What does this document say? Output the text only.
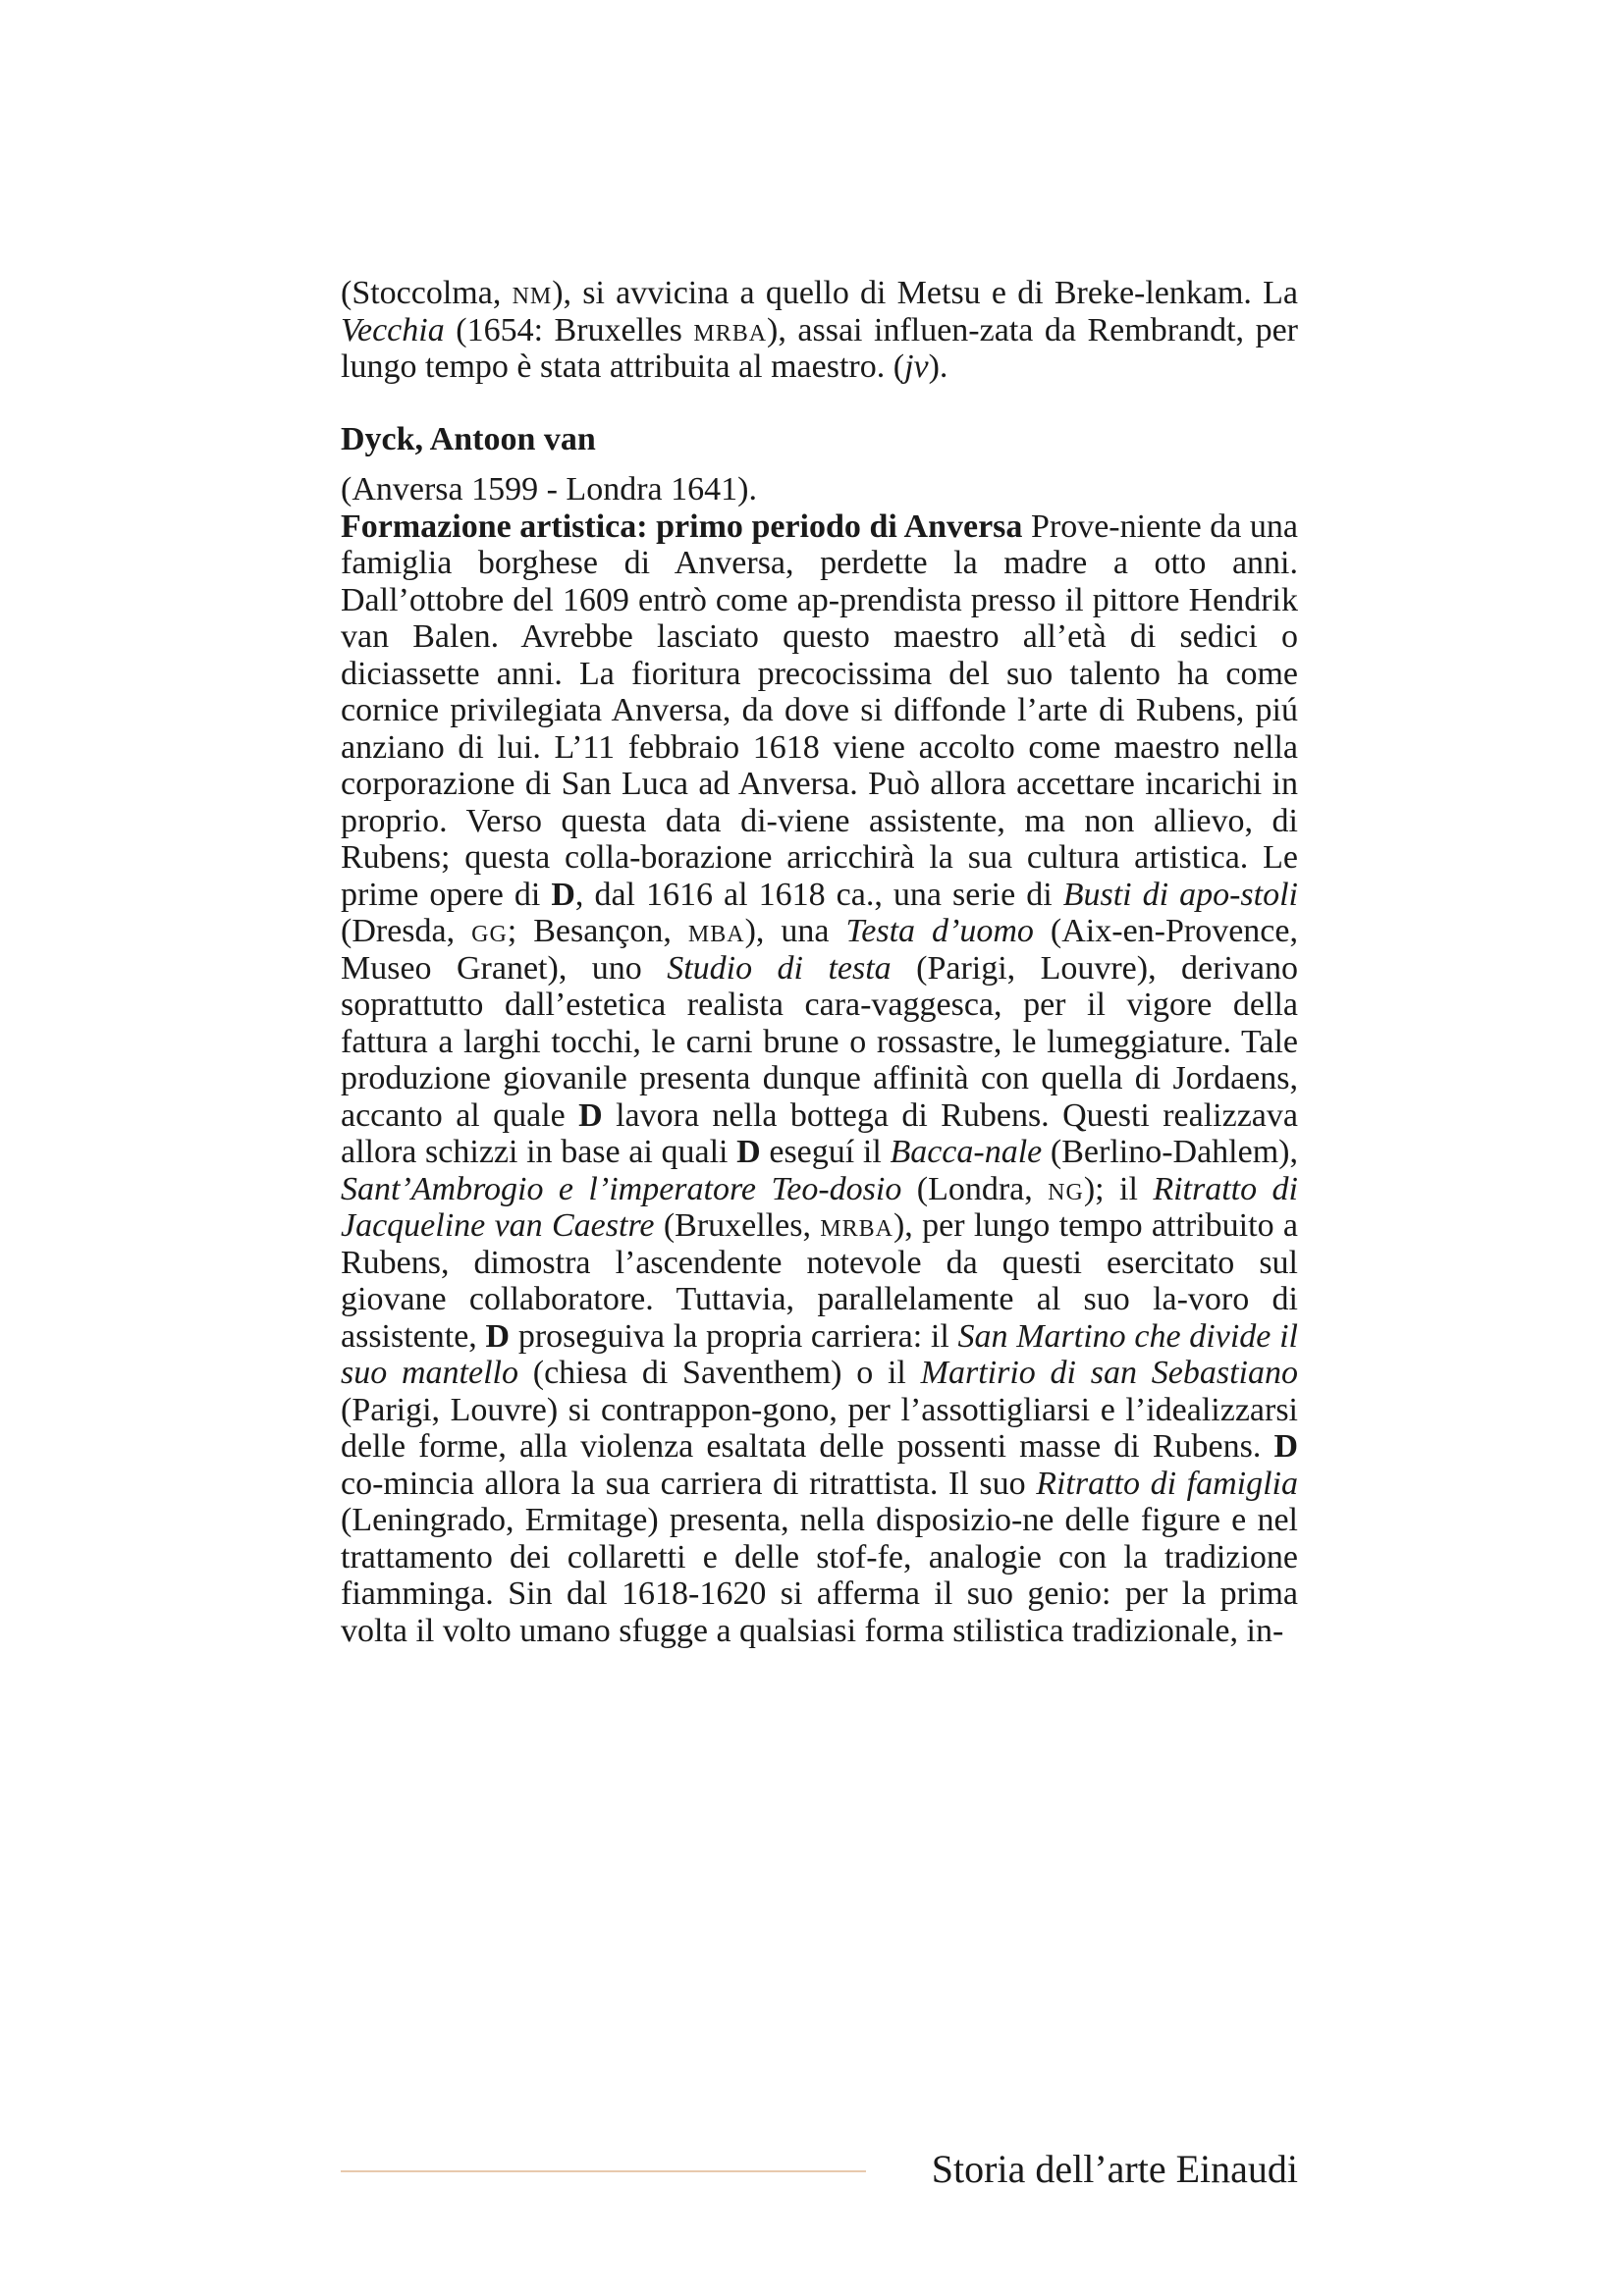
(Stoccolma, nm), si avvicina a quello di Metsu e di Breke-lenkam. La Vecchia (1654: Bruxelles mrba), assai influen-zata da Rembrandt, per lungo tempo è stata attribuita al maestro. (jv).

Dyck, Antoon van

(Anversa 1599 - Londra 1641).

Formazione artistica: primo periodo di Anversa Prove-niente da una famiglia borghese di Anversa, perdette la madre a otto anni. Dall’ottobre del 1609 entrò come ap-prendista presso il pittore Hendrik van Balen. Avrebbe lasciato questo maestro all’età di sedici o diciassette anni. La fioritura precocissima del suo talento ha come cornice privilegiata Anversa, da dove si diffonde l’arte di Rubens, piú anziano di lui. L’11 febbraio 1618 viene accolto come maestro nella corporazione di San Luca ad Anversa. Può allora accettare incarichi in proprio. Verso questa data di-viene assistente, ma non allievo, di Rubens; questa colla-borazione arricchirà la sua cultura artistica. Le prime opere di D, dal 1616 al 1618 ca., una serie di Busti di apo-stoli (Dresda, gg; Besançon, mba), una Testa d’uomo (Aix-en-Provence, Museo Granet), uno Studio di testa (Parigi, Louvre), derivano soprattutto dall’estetica realista cara-vaggesca, per il vigore della fattura a larghi tocchi, le carni brune o rossastre, le lumeggiature. Tale produzione giovanile presenta dunque affinità con quella di Jordaens, accanto al quale D lavora nella bottega di Rubens. Questi realizzava allora schizzi in base ai quali D eseguí il Bacca-nale (Berlino-Dahlem), Sant’Ambrogio e l’imperatore Teo-dosio (Londra, ng); il Ritratto di Jacqueline van Caestre (Bruxelles, mrba), per lungo tempo attribuito a Rubens, dimostra l’ascendente notevole da questi esercitato sul giovane collaboratore. Tuttavia, parallelamente al suo la-voro di assistente, D proseguiva la propria carriera: il San Martino che divide il suo mantello (chiesa di Saventhem) o il Martirio di san Sebastiano (Parigi, Louvre) si contrappon-gono, per l’assottigliarsi e l’idealizzarsi delle forme, alla violenza esaltata delle possenti masse di Rubens. D co-mincia allora la sua carriera di ritrattista. Il suo Ritratto di famiglia (Leningrado, Ermitage) presenta, nella disposizio-ne delle figure e nel trattamento dei collaretti e delle stof-fe, analogie con la tradizione fiamminga. Sin dal 1618-1620 si afferma il suo genio: per la prima volta il volto umano sfugge a qualsiasi forma stilistica tradizionale, in-

Storia dell’arte Einaudi
